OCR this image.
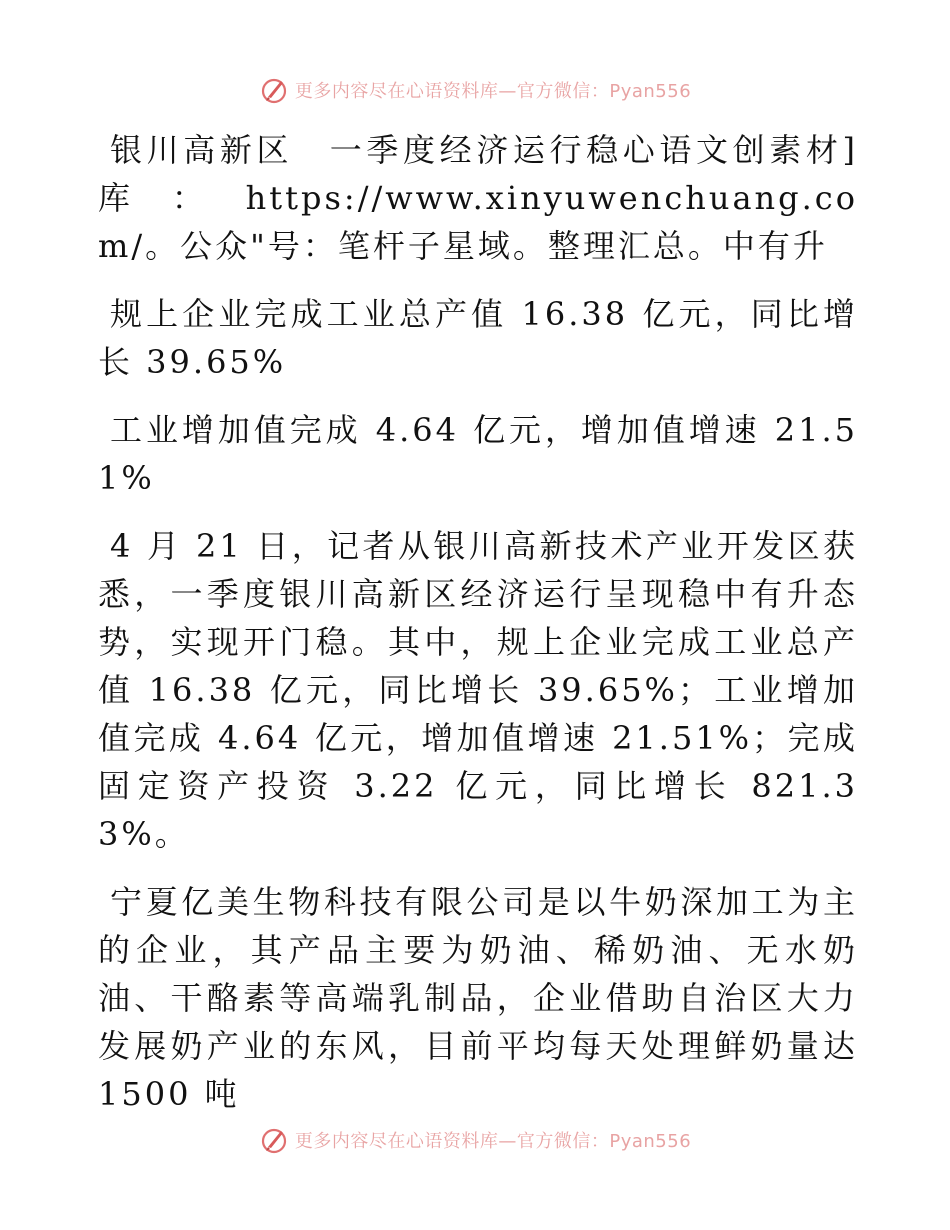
更多内容尽在心语资料库—官方微信：Pyan556

银川高新区　一季度经济运行稳心语文创素材]库：https://www.xinyuwenchuang.com/。公众"号：笔杆子星域。整理汇总。中有升

规上企业完成工业总产值 16.38 亿元，同比增长 39.65%

工业增加值完成 4.64 亿元，增加值增速 21.51%

4 月 21 日，记者从银川高新技术产业开发区获悉，一季度银川高新区经济运行呈现稳中有升态势，实现开门稳。其中，规上企业完成工业总产值 16.38 亿元，同比增长 39.65%；工业增加值完成 4.64 亿元，增加值增速 21.51%；完成固定资产投资 3.22 亿元，同比增长 821.33%。

宁夏亿美生物科技有限公司是以牛奶深加工为主的企业，其产品主要为奶油、稀奶油、无水奶油、干酪素等高端乳制品，企业借助自治区大力发展奶产业的东风，目前平均每天处理鲜奶量达 1500 吨

更多内容尽在心语资料库—官方微信：Pyan556
